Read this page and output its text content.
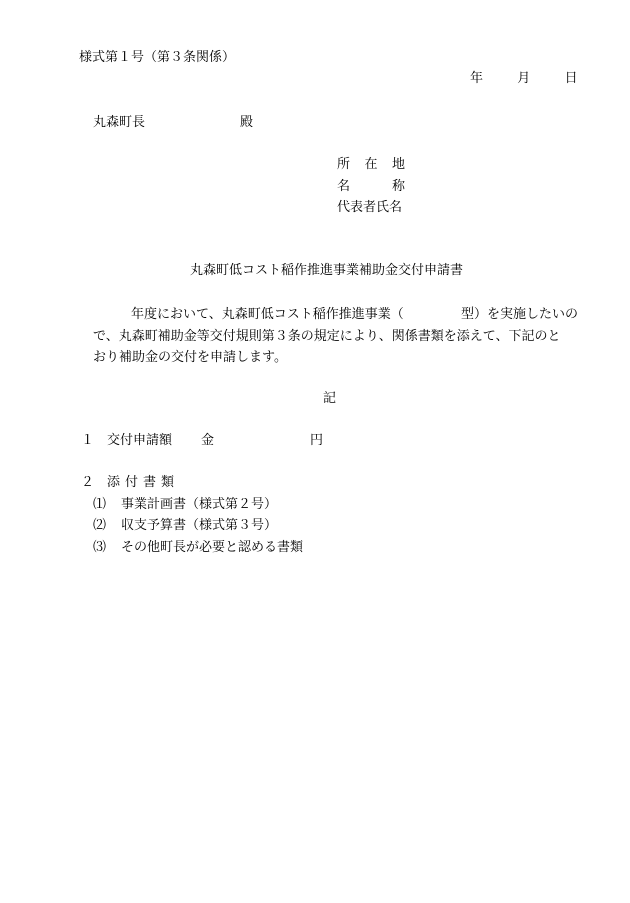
様式第１号（第３条関係）
年	月	日
丸森町長	殿
所 在 地
名	称
代表者氏名
丸森町低コスト稲作推進事業補助金交付申請書
年度において、丸森町低コスト稲作推進事業（	型）を実施したいの
で、丸森町補助金等交付規則第３条の規定により、関係書類を添えて、下記のと
おり補助金の交付を申請します。
記
１ 交付申請額 金	円
２ 添 付 書 類
⑴ 事業計画書（様式第２号）
⑵ 収支予算書（様式第３号）
⑶ その他町長が必要と認める書類
